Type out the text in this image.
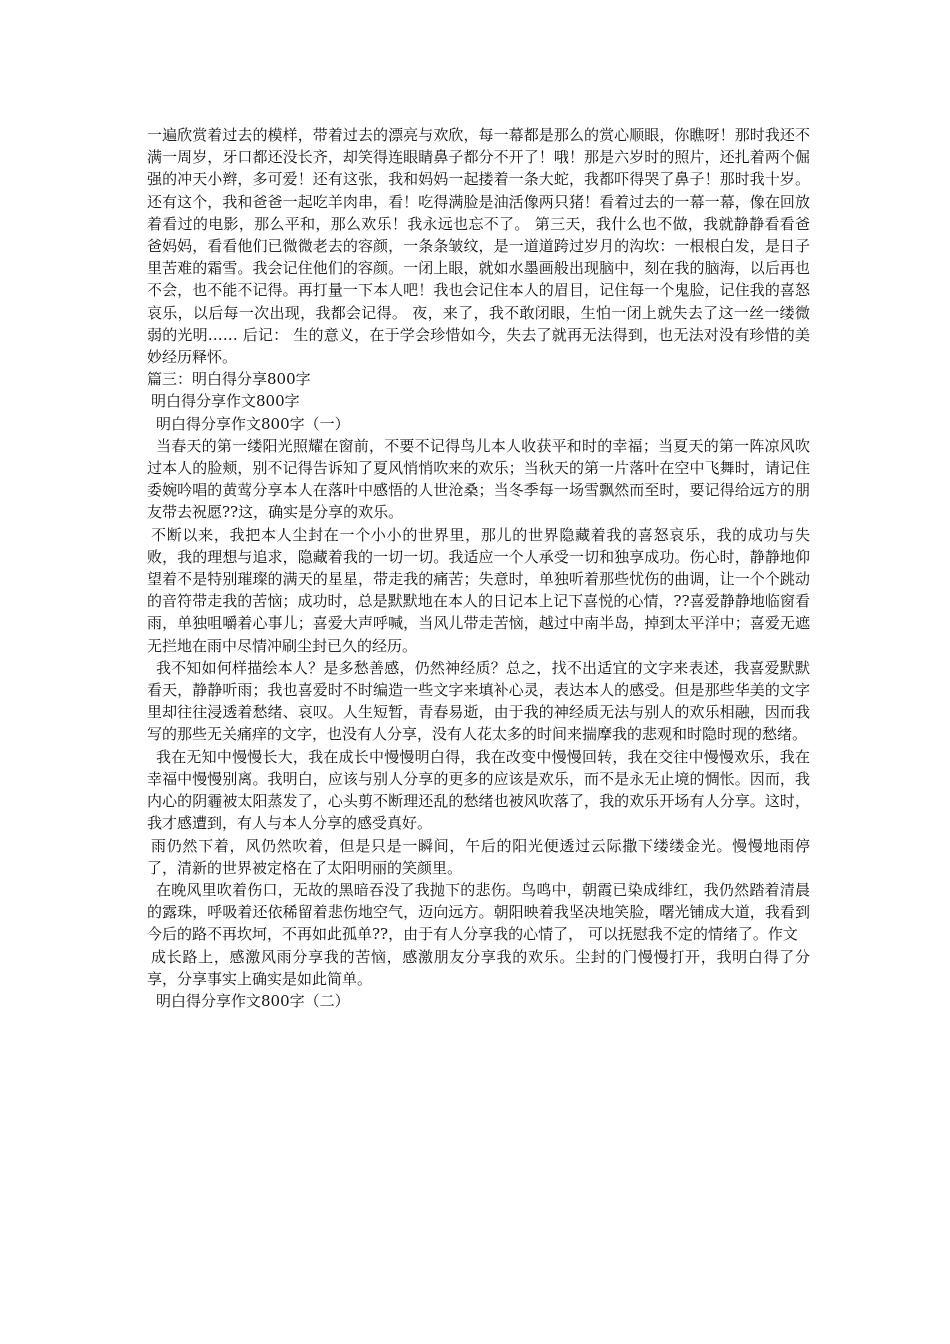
一遍欣赏着过去的模样，带着过去的漂亮与欢欣，每一幕都是那么的赏心顺眼，你瞧呀！那时我还不满一周岁，牙口都还没长齐，却笑得连眼睛鼻子都分不开了！哦！那是六岁时的照片，还扎着两个倔强的冲天小辫，多可爱！还有这张，我和妈妈一起搂着一条大蛇，我都吓得哭了鼻子！那时我十岁。还有这个，我和爸爸一起吃羊肉串，看！吃得满脸是油活像两只猪！看着过去的一幕一幕，像在回放着看过的电影，那么平和，那么欢乐！我永远也忘不了。 第三天，我什么也不做，我就静静看看爸爸妈妈，看看他们已微微老去的容颜，一条条皱纹，是一道道跨过岁月的沟坎：一根根白发，是日子里苦难的霜雪。我会记住他们的容颜。一闭上眼，就如水墨画般出现脑中，刻在我的脑海，以后再也不会，也不能不记得。再打量一下本人吧！我也会记住本人的眉目，记住每一个鬼脸，记住我的喜怒哀乐，以后每一次出现，我都会记得。 夜，来了，我不敢闭眼，生怕一闭上就失去了这一丝一缕微弱的光明…… 后记： 生的意义，在于学会珍惜如今，失去了就再无法得到，也无法对没有珍惜的美妙经历释怀。

篇三：明白得分享800字

明白得分享作文800字

明白得分享作文800字（一）

当春天的第一缕阳光照耀在窗前，不要不记得鸟儿本人收获平和时的幸福；当夏天的第一阵凉风吹过本人的脸颊，别不记得告诉知了夏风悄悄吹来的欢乐；当秋天的第一片落叶在空中飞舞时，请记住委婉吟唱的黄莺分享本人在落叶中感悟的人世沧桑；当冬季每一场雪飘然而至时，要记得给远方的朋友带去祝愿??这，确实是分享的欢乐。

不断以来，我把本人尘封在一个小小的世界里，那儿的世界隐藏着我的喜怒哀乐，我的成功与失败，我的理想与追求，隐藏着我的一切一切。我适应一个人承受一切和独享成功。伤心时，静静地仰望着不是特别璀璨的满天的星星，带走我的痛苦；失意时，单独听着那些忧伤的曲调，让一个个跳动的音符带走我的苦恼；成功时，总是默默地在本人的日记本上记下喜悦的心情，??喜爱静静地临窗看雨，单独咀嚼着心事儿；喜爱大声呼喊，当风儿带走苦恼，越过中南半岛，掉到太平洋中；喜爱无遮无拦地在雨中尽情冲刷尘封已久的经历。

我不知如何样描绘本人？是多愁善感，仍然神经质？总之，找不出适宜的文字来表述，我喜爱默默看天，静静听雨；我也喜爱时不时编造一些文字来填补心灵，表达本人的感受。但是那些华美的文字里却往往浸透着愁绪、哀叹。人生短暂，青春易逝，由于我的神经质无法与别人的欢乐相融，因而我写的那些无关痛痒的文字，也没有人分享，没有人花太多的时间来揣摩我的悲观和时隐时现的愁绪。

我在无知中慢慢长大，我在成长中慢慢明白得，我在改变中慢慢回转，我在交往中慢慢欢乐，我在幸福中慢慢别离。我明白，应该与别人分享的更多的应该是欢乐，而不是永无止境的惆怅。因而，我内心的阴霾被太阳蒸发了，心头剪不断理还乱的愁绪也被风吹落了，我的欢乐开场有人分享。这时，我才感遭到，有人与本人分享的感受真好。

雨仍然下着，风仍然吹着，但是只是一瞬间，午后的阳光便透过云际撒下缕缕金光。慢慢地雨停了，清新的世界被定格在了太阳明丽的笑颜里。

在晚风里吹着伤口，无故的黑暗吞没了我抛下的悲伤。鸟鸣中，朝霞已染成绯红，我仍然踏着清晨的露珠，呼吸着还依稀留着悲伤地空气，迈向远方。朝阳映着我坚决地笑脸，曙光铺成大道，我看到今后的路不再坎坷，不再如此孤单??，由于有人分享我的心情了， 可以抚慰我不定的情绪了。作文

成长路上，感激风雨分享我的苦恼，感激朋友分享我的欢乐。尘封的门慢慢打开，我明白得了分享，分享事实上确实是如此简单。

明白得分享作文800字（二）
